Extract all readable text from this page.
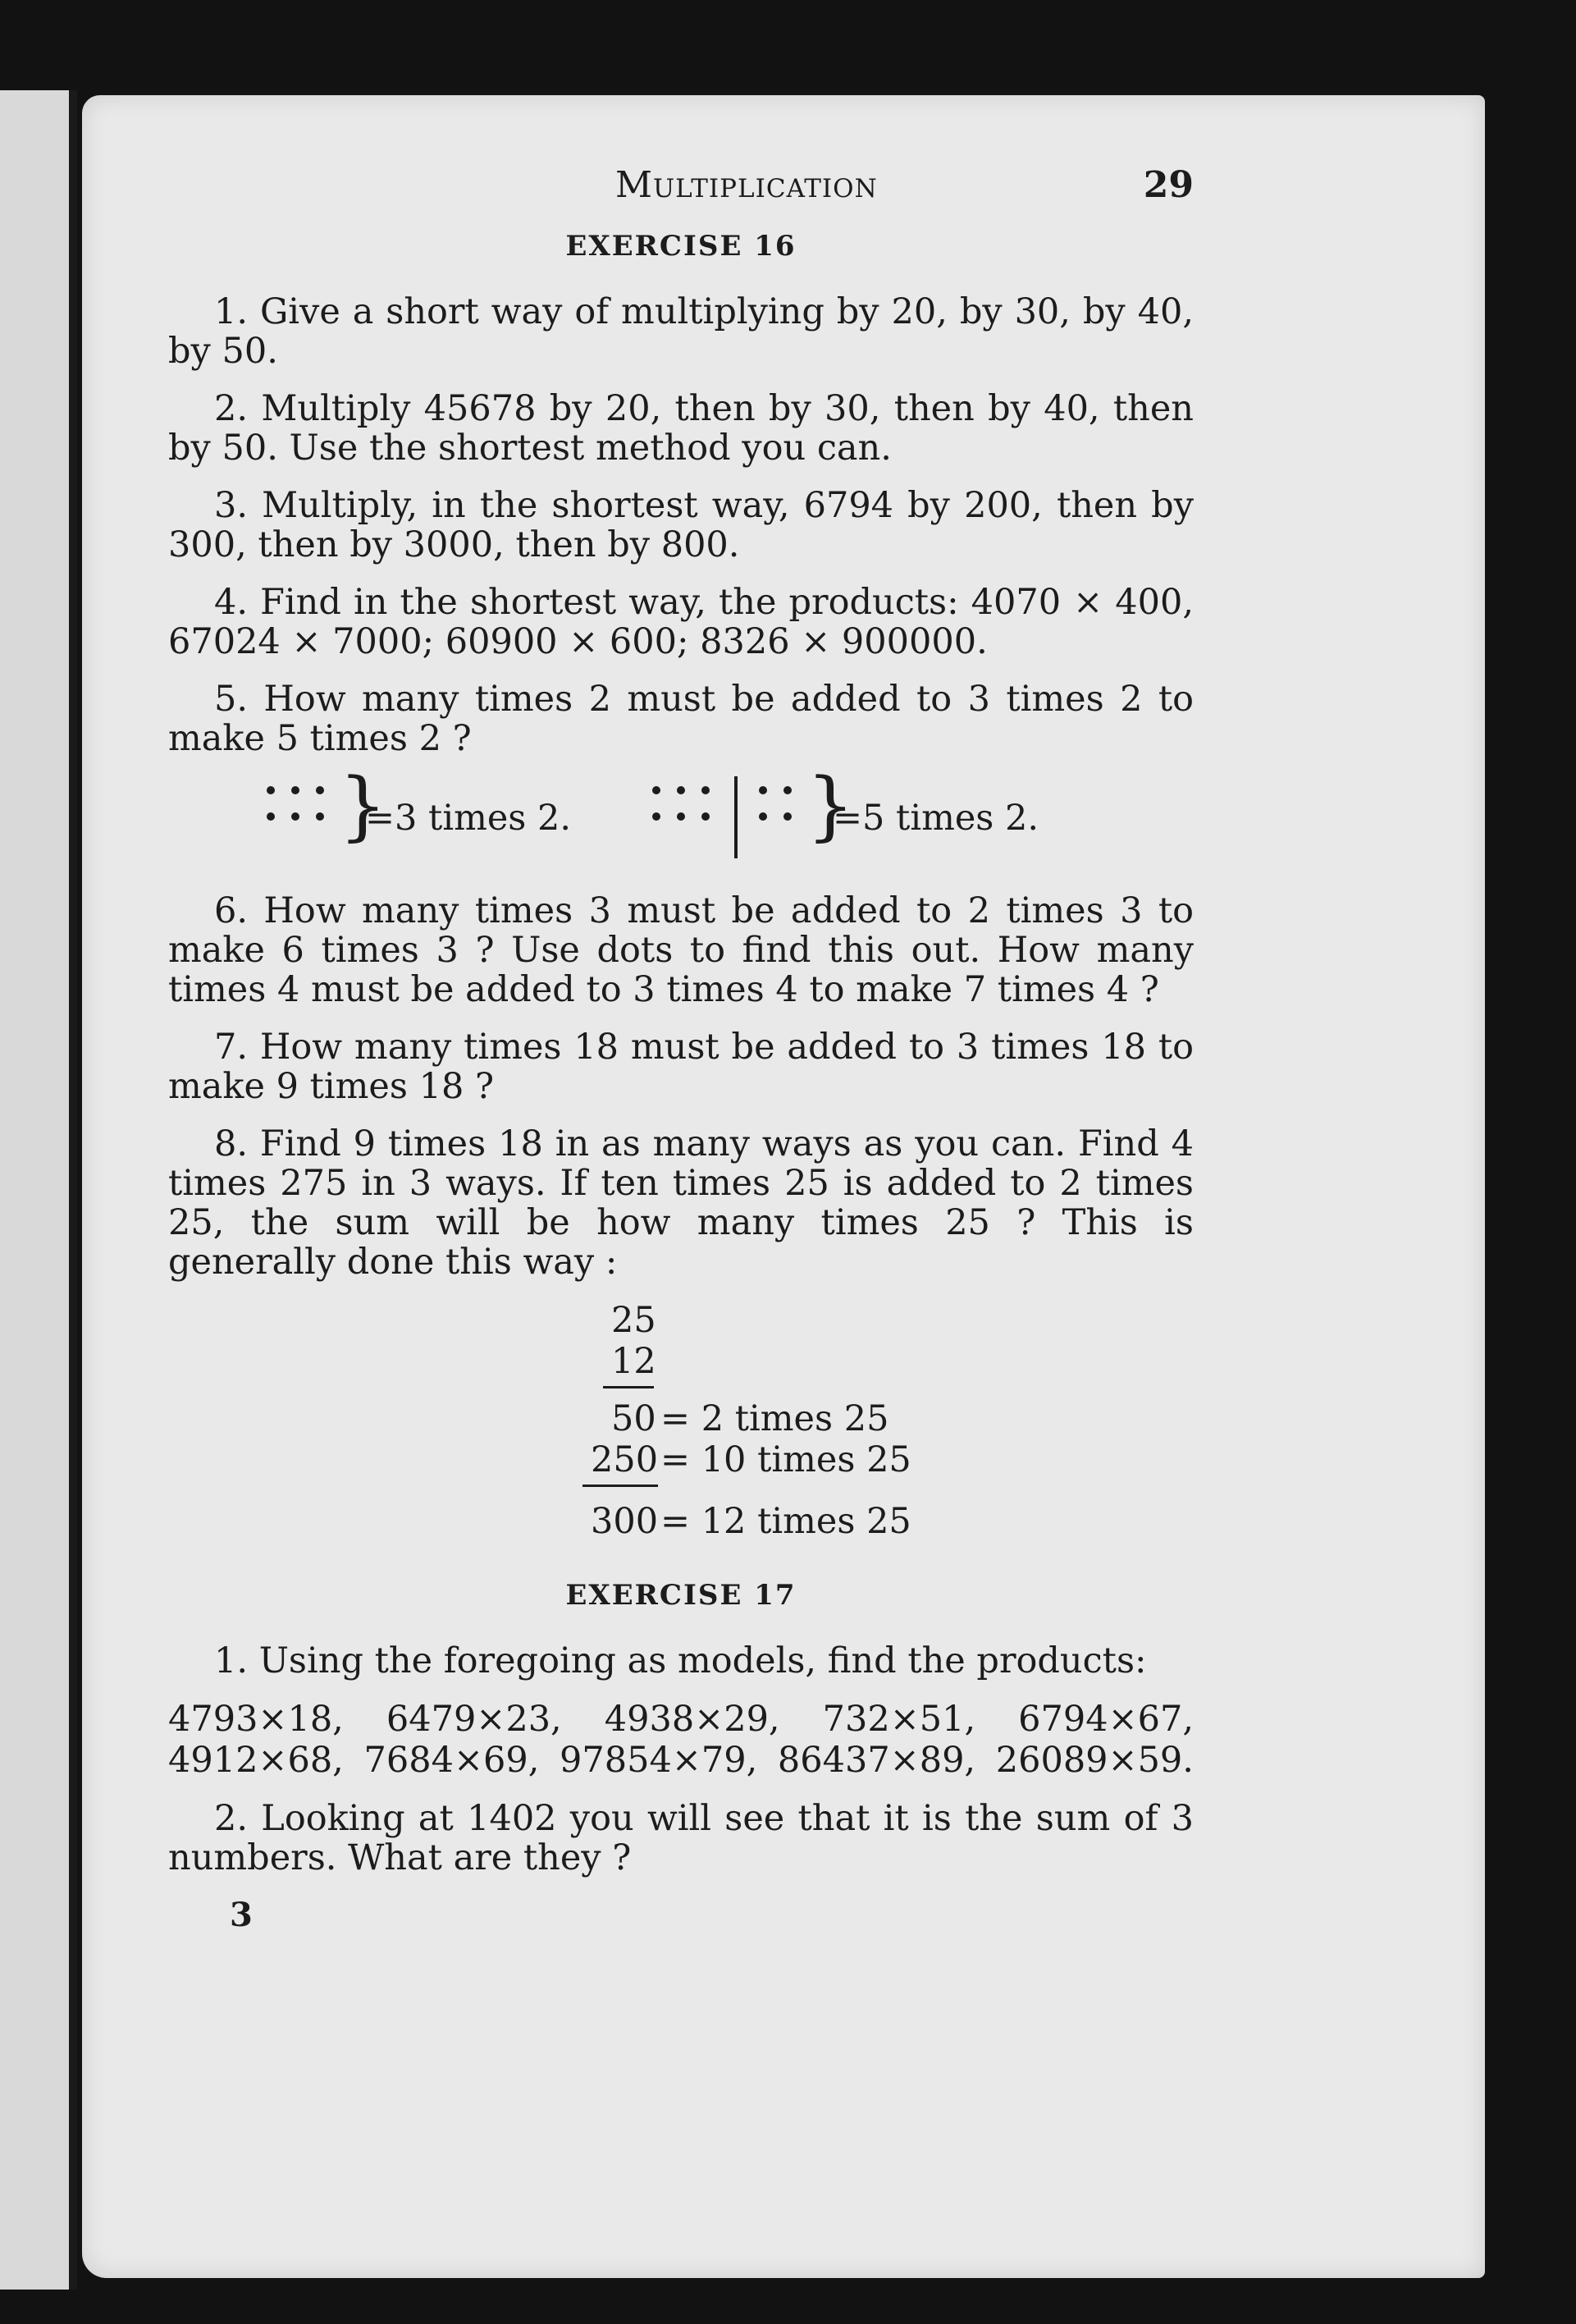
Multiplication	29
EXERCISE 16

1. Give a short way of multiplying by 20, by 30, by 40, by 50.

2. Multiply 45678 by 20, then by 30, then by 40, then by 50. Use the shortest method you can.

3. Multiply, in the shortest way, 6794 by 200, then by 300, then by 3000, then by 800.

4. Find in the shortest way, the products: 4070 × 400, 67024 × 7000; 60900 × 600; 8326 × 900000.

5. How many times 2 must be added to 3 times 2 to make 5 times 2 ?

}
=3 times 2.	}
=5 times 2.

6. How many times 3 must be added to 2 times 3 to make 6 times 3 ? Use dots to find this out. How many times 4 must be added to 3 times 4 to make 7 times 4 ?

7. How many times 18 must be added to 3 times 18 to make 9 times 18 ?

8. Find 9 times 18 in as many ways as you can. Find 4 times 275 in 3 ways. If ten times 25 is added to 2 times 25, the sum will be how many times 25 ? This is generally done this way :

25
12
50 = 2 times 25
250 = 10 times 25
300 = 12 times 25
EXERCISE 17

1. Using the foregoing as models, find the products:

4793×18, 6479×23, 4938×29, 732×51, 6794×67,
4912×68, 7684×69, 97854×79, 86437×89, 26089×59.

2. Looking at 1402 you will see that it is the sum of 3 numbers. What are they ?

3
